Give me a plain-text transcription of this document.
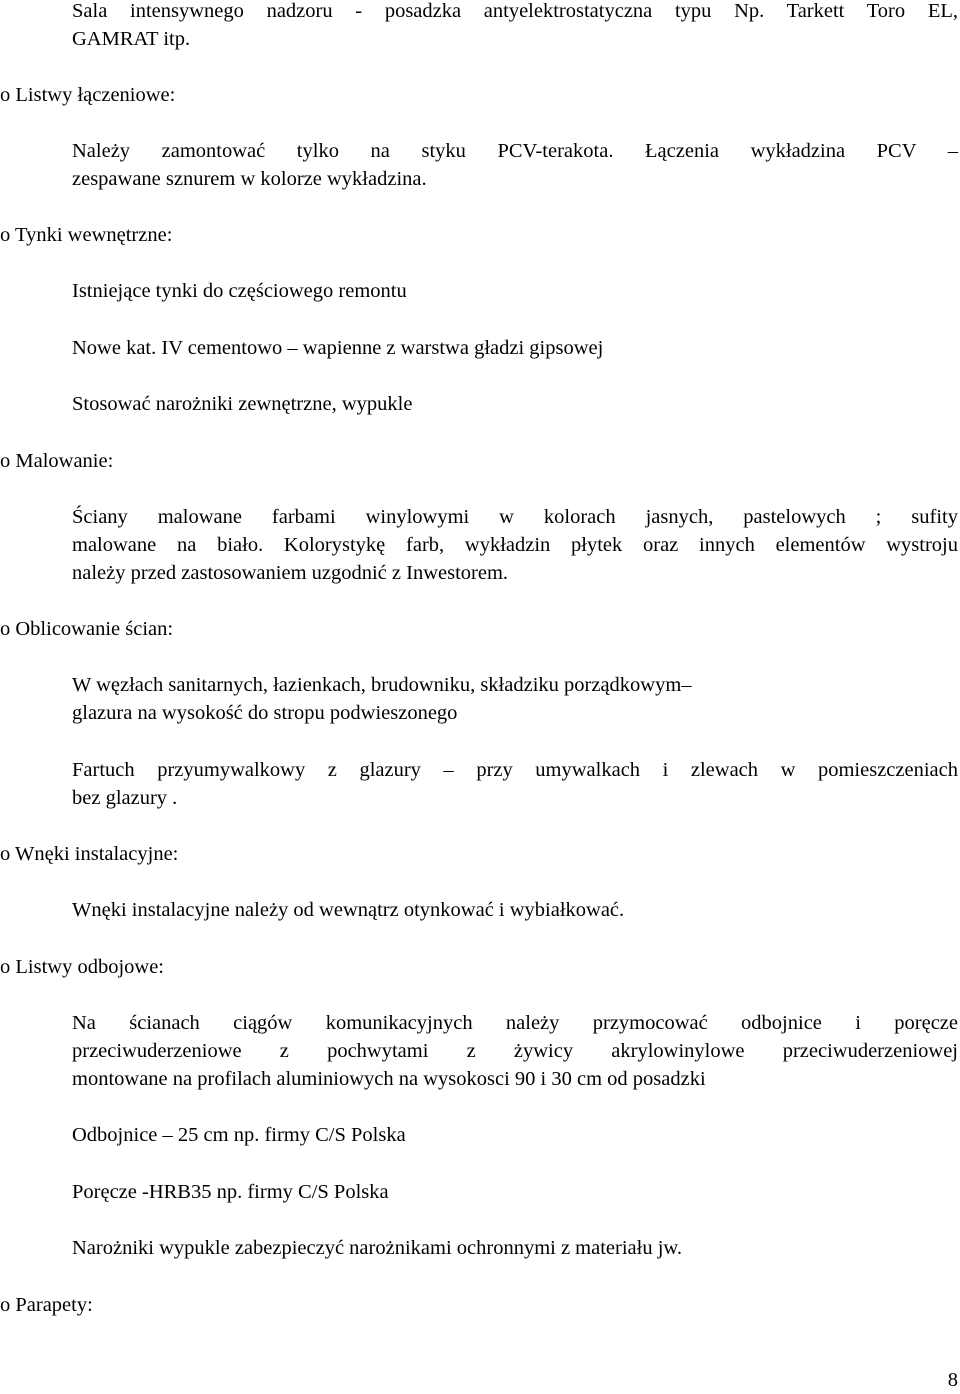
Sala intensywnego nadzoru - posadzka antyelektrostatyczna typu Np. Tarkett Toro EL,
GAMRAT itp.
o Listwy łączeniowe:
Należy zamontować tylko na styku PCV-terakota. Łączenia wykładzina PCV –
zespawane sznurem w kolorze wykładzina.
o Tynki wewnętrzne:
Istniejące tynki do częściowego remontu
Nowe kat. IV cementowo – wapienne z warstwa gładzi gipsowej
Stosować narożniki zewnętrzne, wypukle
o Malowanie:
Ściany malowane farbami winylowymi w kolorach jasnych, pastelowych ; sufity
malowane na biało. Kolorystykę farb, wykładzin płytek oraz innych elementów wystroju
należy przed zastosowaniem uzgodnić z Inwestorem.
o Oblicowanie ścian:
W węzłach sanitarnych, łazienkach, brudowniku, składziku porządkowym–
glazura na wysokość do stropu podwieszonego
Fartuch przyumywalkowy z glazury – przy umywalkach i zlewach w pomieszczeniach
bez glazury .
o Wnęki instalacyjne:
Wnęki instalacyjne należy od wewnątrz otynkować i wybiałkować.
o Listwy odbojowe:
Na ścianach ciągów komunikacyjnych należy przymocować odbojnice i poręcze
przeciwuderzeniowe z pochwytami z żywicy akrylowinylowe przeciwuderzeniowej
montowane na profilach aluminiowych na wysokosci 90 i 30 cm od posadzki
Odbojnice – 25 cm np. firmy C/S Polska
Poręcze -HRB35 np. firmy C/S Polska
Narożniki wypukle zabezpieczyć narożnikami ochronnymi z materiału jw.
o Parapety:
8
